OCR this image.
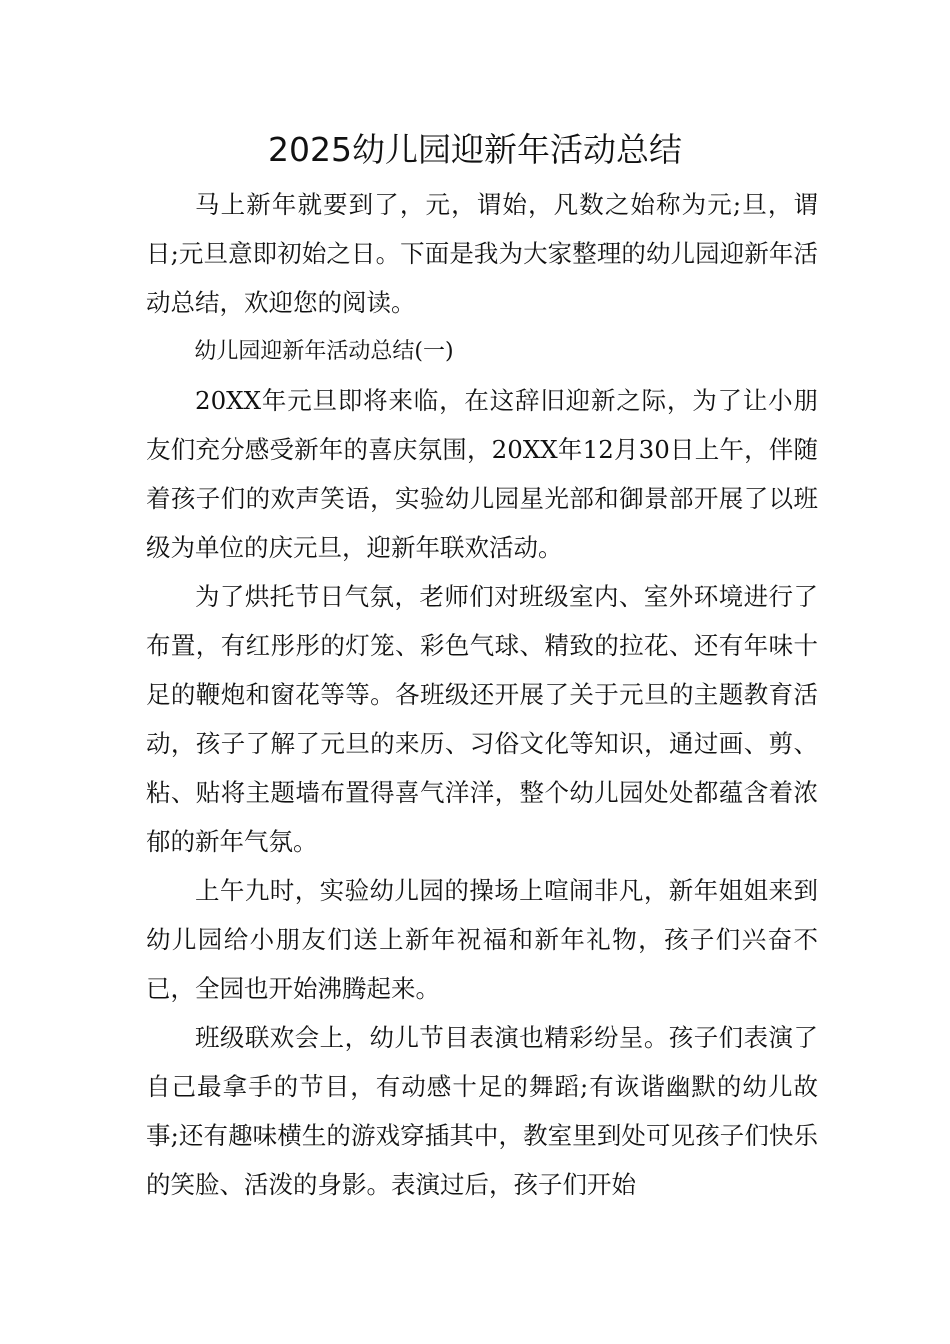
2025幼儿园迎新年活动总结

马上新年就要到了，元，谓始，凡数之始称为元;旦，谓日;元旦意即初始之日。下面是我为大家整理的幼儿园迎新年活动总结，欢迎您的阅读。

幼儿园迎新年活动总结(一)

20XX年元旦即将来临，在这辞旧迎新之际，为了让小朋友们充分感受新年的喜庆氛围，20XX年12月30日上午，伴随着孩子们的欢声笑语，实验幼儿园星光部和御景部开展了以班级为单位的庆元旦，迎新年联欢活动。

为了烘托节日气氛，老师们对班级室内、室外环境进行了布置，有红彤彤的灯笼、彩色气球、精致的拉花、还有年味十足的鞭炮和窗花等等。各班级还开展了关于元旦的主题教育活动，孩子了解了元旦的来历、习俗文化等知识，通过画、剪、粘、贴将主题墙布置得喜气洋洋，整个幼儿园处处都蕴含着浓郁的新年气氛。

上午九时，实验幼儿园的操场上喧闹非凡，新年姐姐来到幼儿园给小朋友们送上新年祝福和新年礼物，孩子们兴奋不已，全园也开始沸腾起来。

班级联欢会上，幼儿节目表演也精彩纷呈。孩子们表演了自己最拿手的节目，有动感十足的舞蹈;有诙谐幽默的幼儿故事;还有趣味横生的游戏穿插其中，教室里到处可见孩子们快乐的笑脸、活泼的身影。表演过后，孩子们开始
